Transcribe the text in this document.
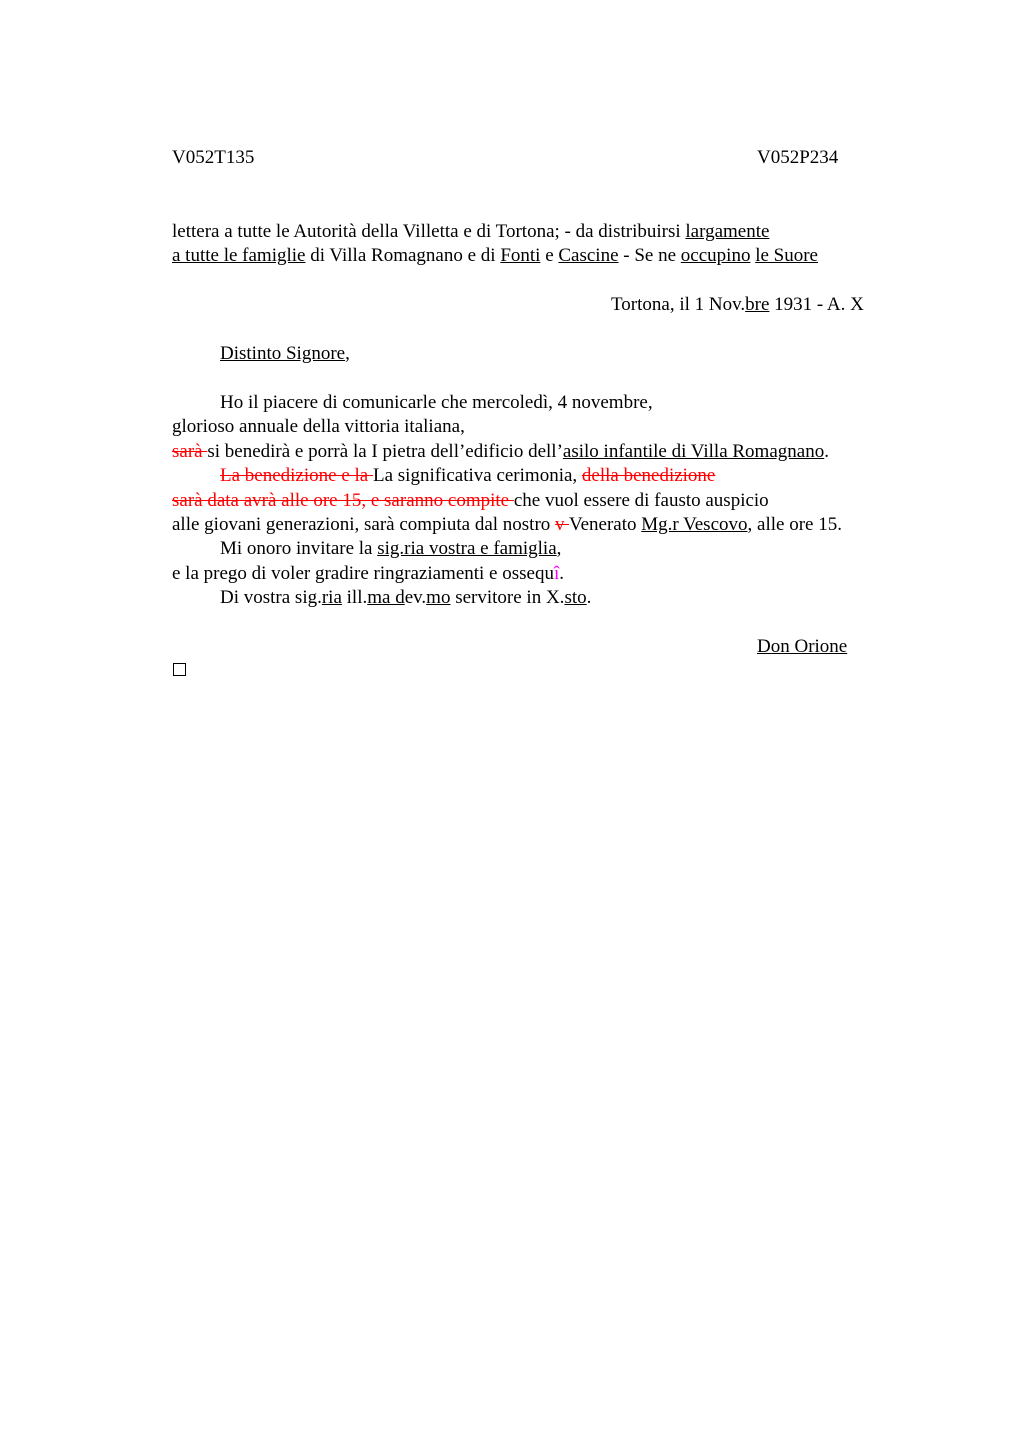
V052T135	V052P234
lettera a tutte le Autorità della Villetta e di Tortona; - da distribuirsi largamente
a tutte le famiglie di Villa Romagnano e di Fonti e Cascine - Se ne occupino le Suore
Tortona, il 1 Nov.bre 1931 - A. X
Distinto Signore,
Ho il piacere di comunicarle che mercoledì, 4 novembre,
glorioso annuale della vittoria italiana,
sarà si benedirà e porrà la I pietra dell’edificio dell’asilo infantile di Villa Romagnano.
La benedizione e la La significativa cerimonia, della benedizione
sarà data avrà alle ore 15, e saranno compite che vuol essere di fausto auspicio
alle giovani generazioni, sarà compiuta dal nostro v Venerato Mg.r Vescovo, alle ore 15.
Mi onoro invitare la sig.ria vostra e famiglia,
e la prego di voler gradire ringraziamenti e ossequî.
Di vostra sig.ria ill.ma dev.mo servitore in X.sto.
Don Orione
